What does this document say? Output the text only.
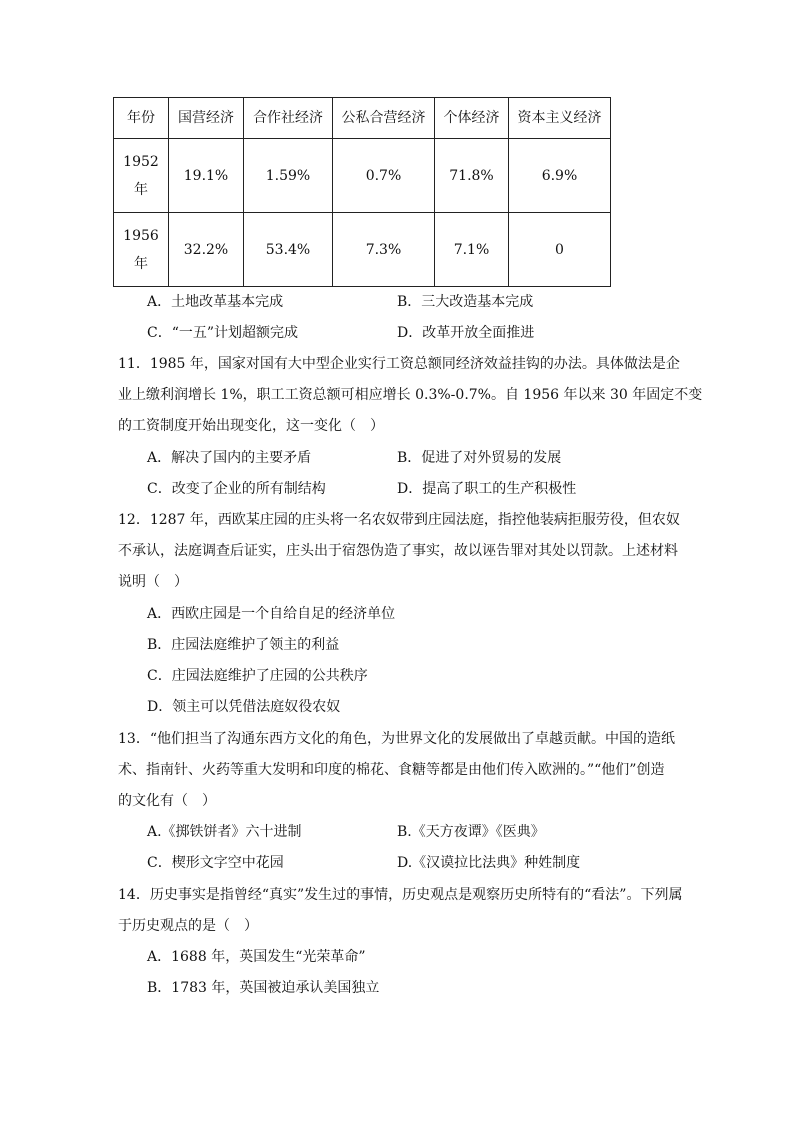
年份	国营经济	合作社经济	公私合营经济	个体经济	资本主义经济

1952
年	19.1%	1.59%	0.7%	71.8%	6.9%

1956
年	32.2%	53.4%	7.3%	7.1%	0
A．土地改革基本完成	B．三大改造基本完成
C．“一五”计划超额完成	D．改革开放全面推进
11．1985 年，国家对国有大中型企业实行工资总额同经济效益挂钩的办法。具体做法是企
业上缴利润增长 1%，职工工资总额可相应增长 0.3%-0.7%。自 1956 年以来 30 年固定不变
的工资制度开始出现变化，这一变化（　）
A．解决了国内的主要矛盾	B．促进了对外贸易的发展
C．改变了企业的所有制结构	D．提高了职工的生产积极性
12．1287 年，西欧某庄园的庄头将一名农奴带到庄园法庭，指控他装病拒服劳役，但农奴
不承认，法庭调查后证实，庄头出于宿怨伪造了事实，故以诬告罪对其处以罚款。上述材料
说明（　）
A．西欧庄园是一个自给自足的经济单位
B．庄园法庭维护了领主的利益
C．庄园法庭维护了庄园的公共秩序
D．领主可以凭借法庭奴役农奴
13．“他们担当了沟通东西方文化的角色，为世界文化的发展做出了卓越贡献。中国的造纸
术、指南针、火药等重大发明和印度的棉花、食糖等都是由他们传入欧洲的。”“他们”创造
的文化有（　）
A.《掷铁饼者》六十进制	B.《天方夜谭》《医典》
C．楔形文字空中花园	D.《汉谟拉比法典》种姓制度
14．历史事实是指曾经“真实”发生过的事情，历史观点是观察历史所特有的“看法”。下列属
于历史观点的是（　）
A．1688 年，英国发生“光荣革命”
B．1783 年，英国被迫承认美国独立
